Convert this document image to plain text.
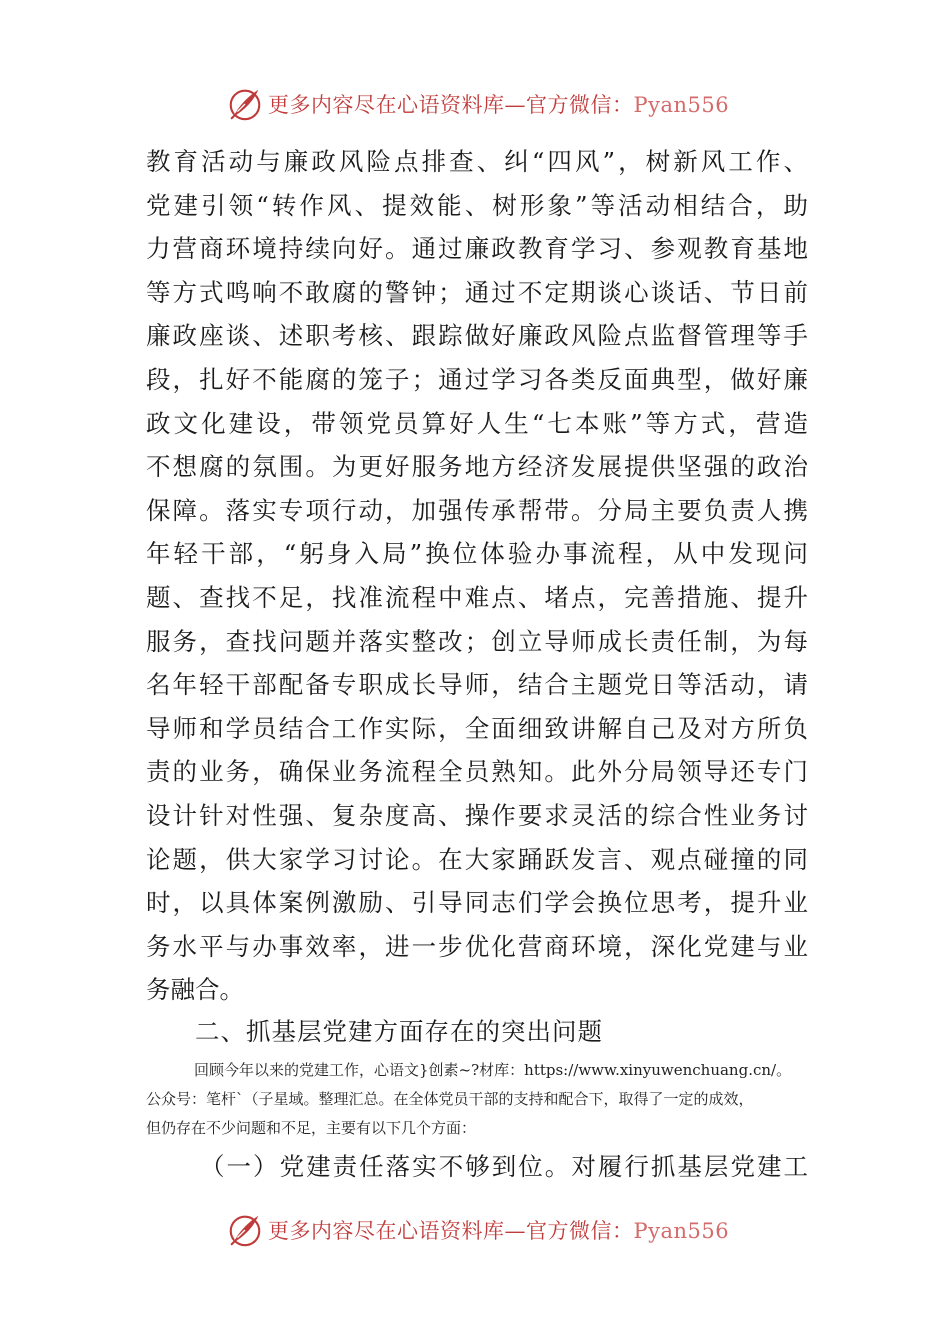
更多内容尽在心语资料库—官方微信：Pyan556
教育活动与廉政风险点排查、纠“四风”，树新风工作、
党建引领“转作风、提效能、树形象”等活动相结合，助
力营商环境持续向好。通过廉政教育学习、参观教育基地
等方式鸣响不敢腐的警钟；通过不定期谈心谈话、节日前
廉政座谈、述职考核、跟踪做好廉政风险点监督管理等手
段，扎好不能腐的笼子；通过学习各类反面典型，做好廉
政文化建设，带领党员算好人生“七本账”等方式，营造
不想腐的氛围。为更好服务地方经济发展提供坚强的政治
保障。落实专项行动，加强传承帮带。分局主要负责人携
年轻干部，“躬身入局”换位体验办事流程，从中发现问
题、查找不足，找准流程中难点、堵点，完善措施、提升
服务，查找问题并落实整改；创立导师成长责任制，为每
名年轻干部配备专职成长导师，结合主题党日等活动，请
导师和学员结合工作实际，全面细致讲解自己及对方所负
责的业务，确保业务流程全员熟知。此外分局领导还专门
设计针对性强、复杂度高、操作要求灵活的综合性业务讨
论题，供大家学习讨论。在大家踊跃发言、观点碰撞的同
时，以具体案例激励、引导同志们学会换位思考，提升业
务水平与办事效率，进一步优化营商环境，深化党建与业
务融合。
二、抓基层党建方面存在的突出问题
回顾今年以来的党建工作，心语文}创素~?材库：https://www.xinyuwenchuang.cn/。
公众号：笔杆`（子星域。整理汇总。在全体党员干部的支持和配合下，取得了一定的成效，
但仍存在不少问题和不足，主要有以下几个方面：
（一）党建责任落实不够到位。对履行抓基层党建工
更多内容尽在心语资料库—官方微信：Pyan556
